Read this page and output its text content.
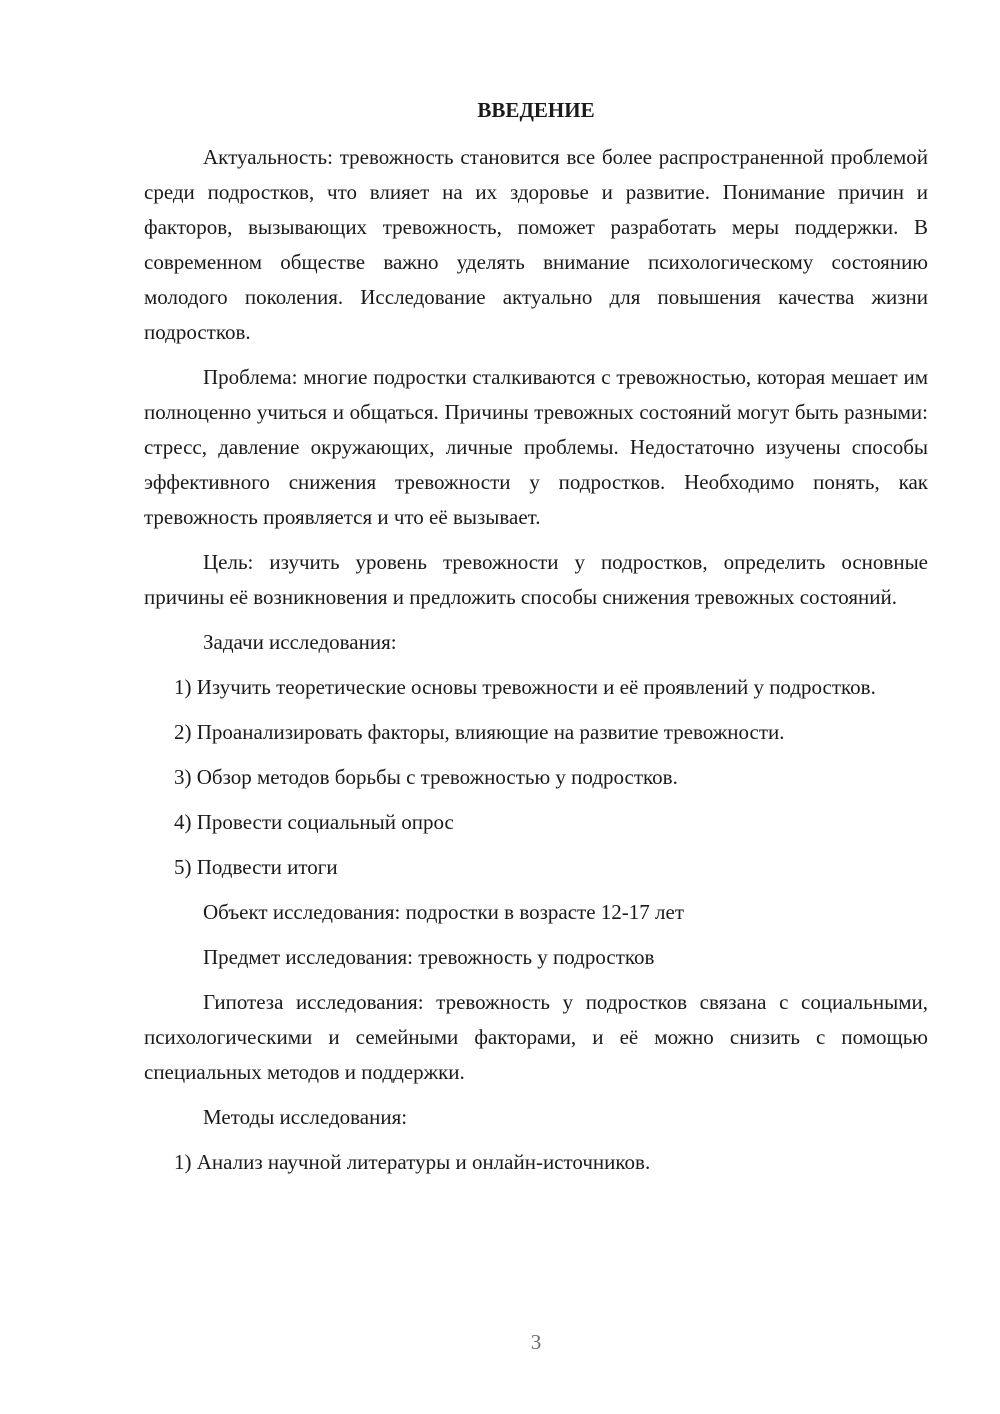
ВВЕДЕНИЕ

Актуальность: тревожность становится все более распространенной проблемой среди подростков, что влияет на их здоровье и развитие. Понимание причин и факторов, вызывающих тревожность, поможет разработать меры поддержки. В современном обществе важно уделять внимание психологическому состоянию молодого поколения. Исследование актуально для повышения качества жизни подростков.

Проблема: многие подростки сталкиваются с тревожностью, которая мешает им полноценно учиться и общаться. Причины тревожных состояний могут быть разными: стресс, давление окружающих, личные проблемы. Недостаточно изучены способы эффективного снижения тревожности у подростков. Необходимо понять, как тревожность проявляется и что её вызывает.

Цель: изучить уровень тревожности у подростков, определить основные причины её возникновения и предложить способы снижения тревожных состояний.

Задачи исследования:

1) Изучить теоретические основы тревожности и её проявлений у подростков.

2) Проанализировать факторы, влияющие на развитие тревожности.

3) Обзор методов борьбы с тревожностью у подростков.

4) Провести социальный опрос

5) Подвести итоги

Объект исследования: подростки в возрасте 12-17 лет

Предмет исследования: тревожность у подростков

Гипотеза исследования: тревожность у подростков связана с социальными, психологическими и семейными факторами, и её можно снизить с помощью специальных методов и поддержки.

Методы исследования:

1) Анализ научной литературы и онлайн-источников.

3
